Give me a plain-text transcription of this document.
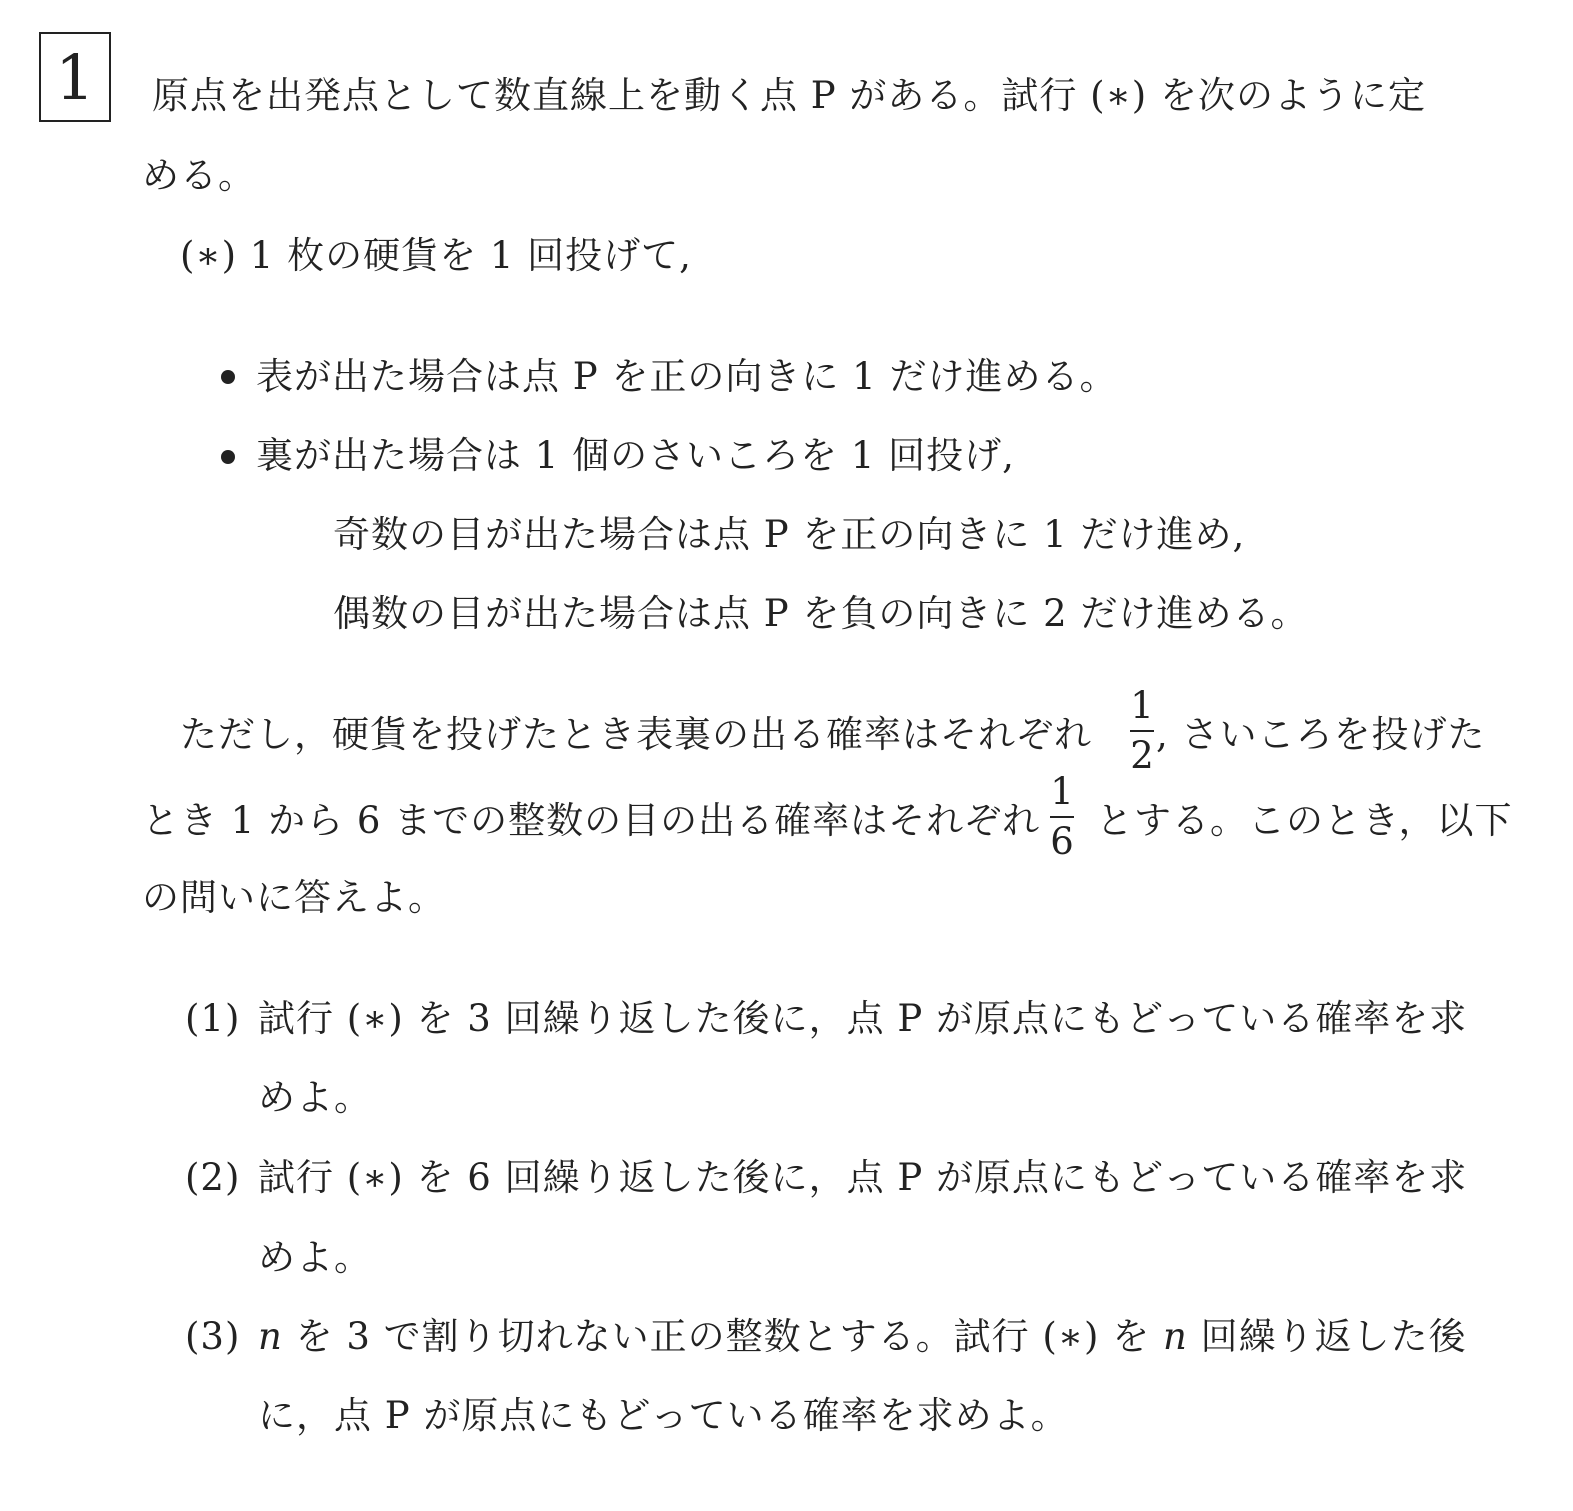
1	原点を出発点として数直線上を動く点 P がある。試行 (∗) を次のように定
める。
(∗) 1 枚の硬貨を 1 回投げて,
表が出た場合は点 P を正の向きに 1 だけ進める。
裏が出た場合は 1 個のさいころを 1 回投げ,
奇数の目が出た場合は点 P を正の向きに 1 だけ進め,
偶数の目が出た場合は点 P を負の向きに 2 だけ進める。
ただし，硬貨を投げたとき表裏の出る確率はそれぞれ
1
2 , さいころを投げた
とき 1 から 6 までの整数の目の出る確率はそれぞれ
1
6 とする。このとき，以下
の問いに答えよ。
(1) 試行 (∗) を 3 回繰り返した後に，点 P が原点にもどっている確率を求
めよ。
(2) 試行 (∗) を 6 回繰り返した後に，点 P が原点にもどっている確率を求
めよ。
(3) n を 3 で割り切れない正の整数とする。試行 (∗) を n 回繰り返した後
に，点 P が原点にもどっている確率を求めよ。
